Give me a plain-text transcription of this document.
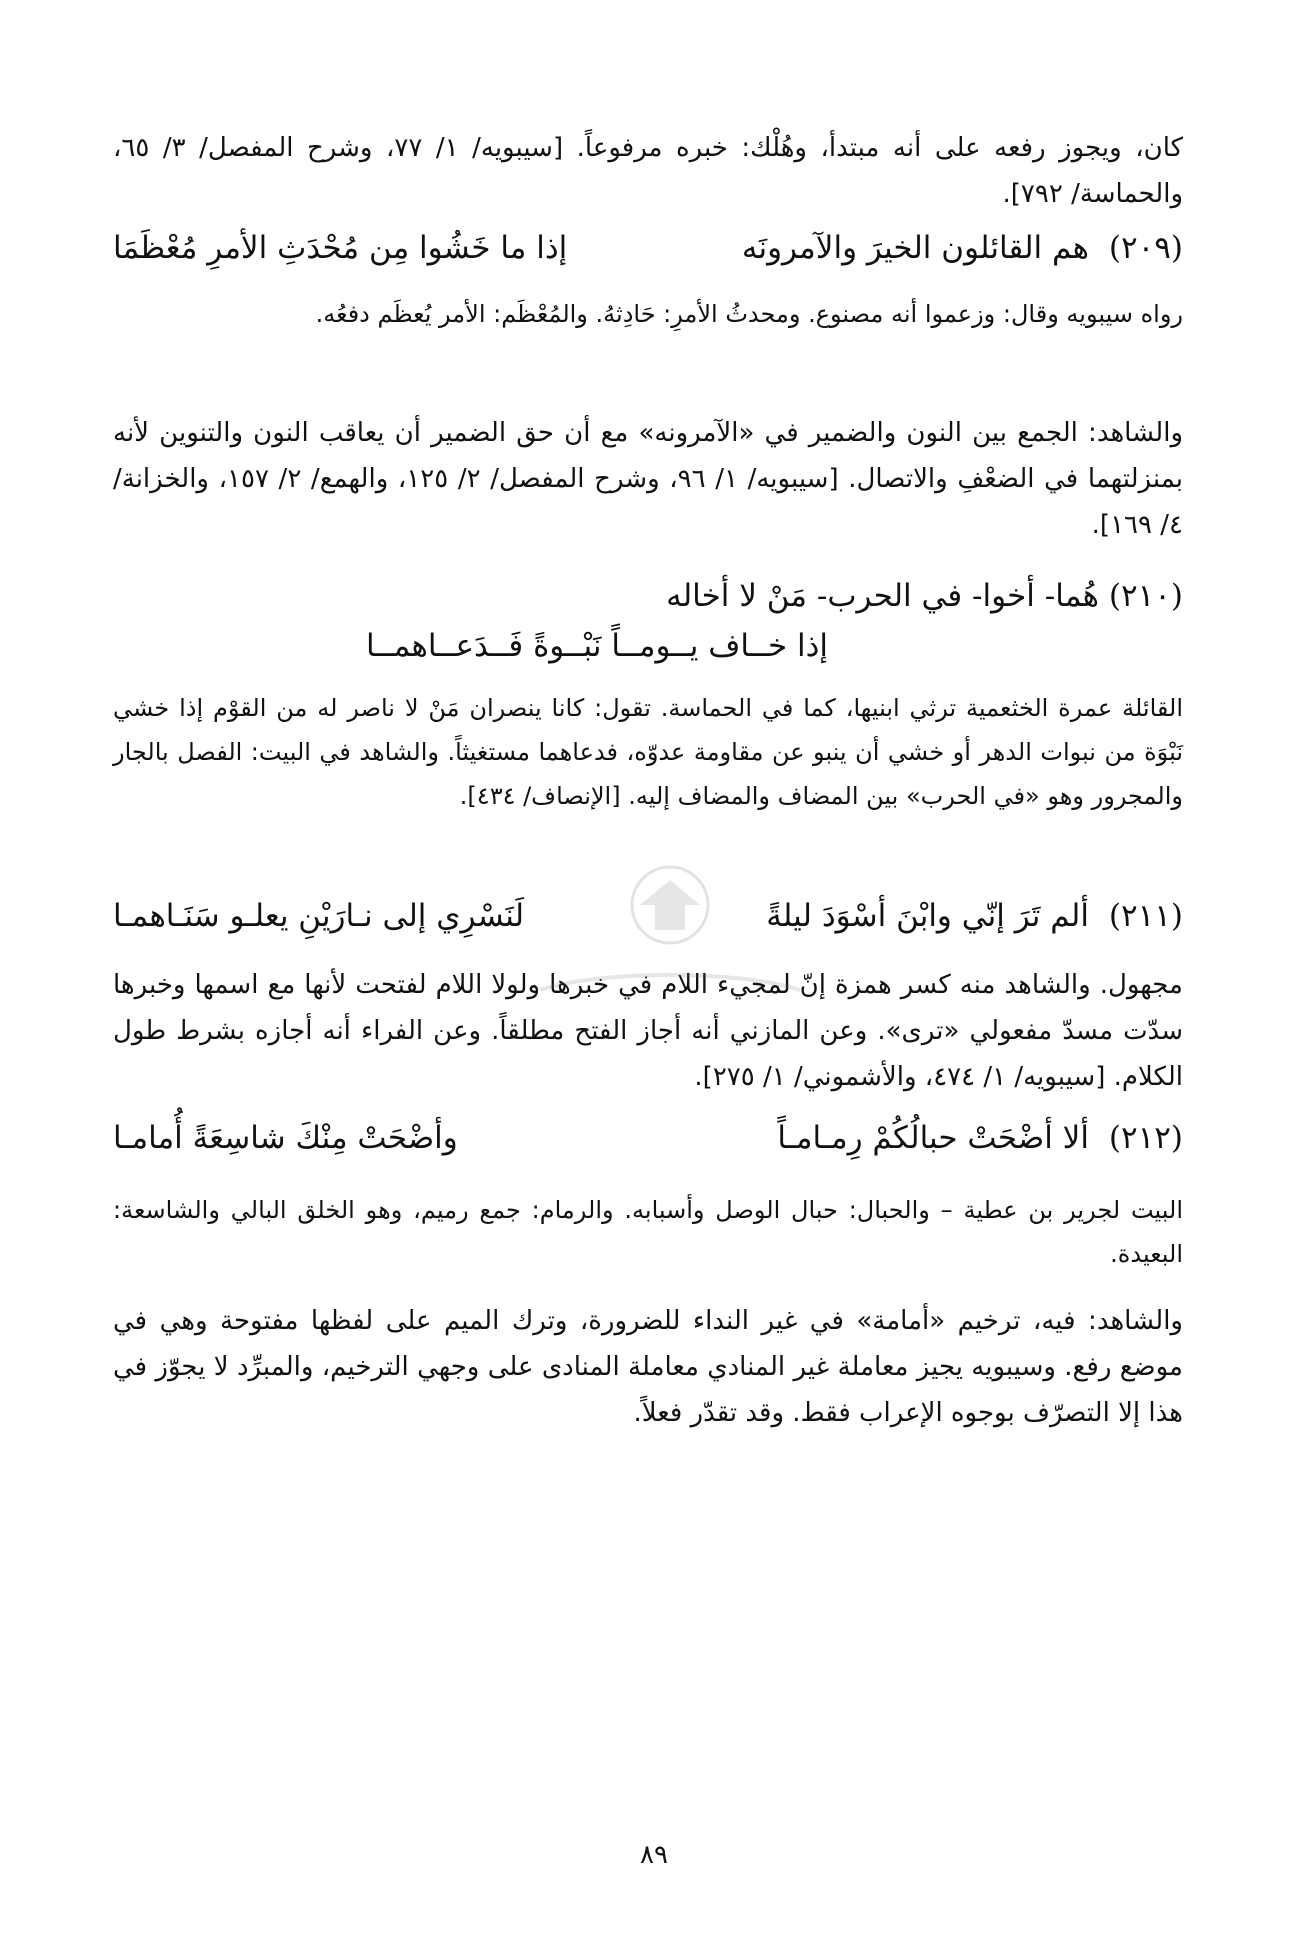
كان، ويجوز رفعه على أنه مبتدأ، وهُلْك: خبره مرفوعاً. [سيبويه/ ١/ ٧٧، وشرح المفصل/ ٣/ ٦٥، والحماسة/ ٧٩٢].
(٢٠٩) هم القائلون الخيرَ والآمرونَه
إذا ما خَشُوا مِن مُحْدَثِ الأمرِ مُعْظَمَا
رواه سيبويه وقال: وزعموا أنه مصنوع. ومحدثُ الأمرِ: حَادِثهُ. والمُعْظَم: الأمر يُعظَم دفعُه.
والشاهد: الجمع بين النون والضمير في «الآمرونه» مع أن حق الضمير أن يعاقب النون والتنوين لأنه بمنزلتهما في الضعْفِ والاتصال. [سيبويه/ ١/ ٩٦، وشرح المفصل/ ٢/ ١٢٥، والهمع/ ٢/ ١٥٧، والخزانة/ ٤/ ١٦٩].
(٢١٠) هُما- أخوا- في الحرب- مَنْ لا أخاله
إذا خــاف يــومــاً نَبْــوةً فَــدَعــاهمــا
القائلة عمرة الخثعمية ترثي ابنيها، كما في الحماسة. تقول: كانا ينصران مَنْ لا ناصر له من القوْم إذا خشي نَبْوَة من نبوات الدهر أو خشي أن ينبو عن مقاومة عدوّه، فدعاهما مستغيثاً. والشاهد في البيت: الفصل بالجار والمجرور وهو «في الحرب» بين المضاف والمضاف إليه. [الإنصاف/ ٤٣٤].
(٢١١) ألم تَرَ إنّي وابْنَ أسْوَدَ ليلةً
لَنَسْرِي إلى نـارَيْنِ يعلـو سَنَـاهمـا
مجهول. والشاهد منه كسر همزة إنّ لمجيء اللام في خبرها ولولا اللام لفتحت لأنها مع اسمها وخبرها سدّت مسدّ مفعولي «ترى». وعن المازني أنه أجاز الفتح مطلقاً. وعن الفراء أنه أجازه بشرط طول الكلام. [سيبويه/ ١/ ٤٧٤، والأشموني/ ١/ ٢٧٥].
(٢١٢) ألا أضْحَتْ حبالُكُمْ رِمـامـاً
وأضْحَتْ مِنْكَ شاسِعَةً أُمامـا
البيت لجرير بن عطية – والحبال: حبال الوصل وأسبابه. والرمام: جمع رميم، وهو الخلق البالي والشاسعة: البعيدة.
والشاهد: فيه، ترخيم «أمامة» في غير النداء للضرورة، وترك الميم على لفظها مفتوحة وهي في موضع رفع. وسيبويه يجيز معاملة غير المنادي معاملة المنادى على وجهي الترخيم، والمبرِّد لا يجوّز في هذا إلا التصرّف بوجوه الإعراب فقط. وقد تقدّر فعلاً.
٨٩
